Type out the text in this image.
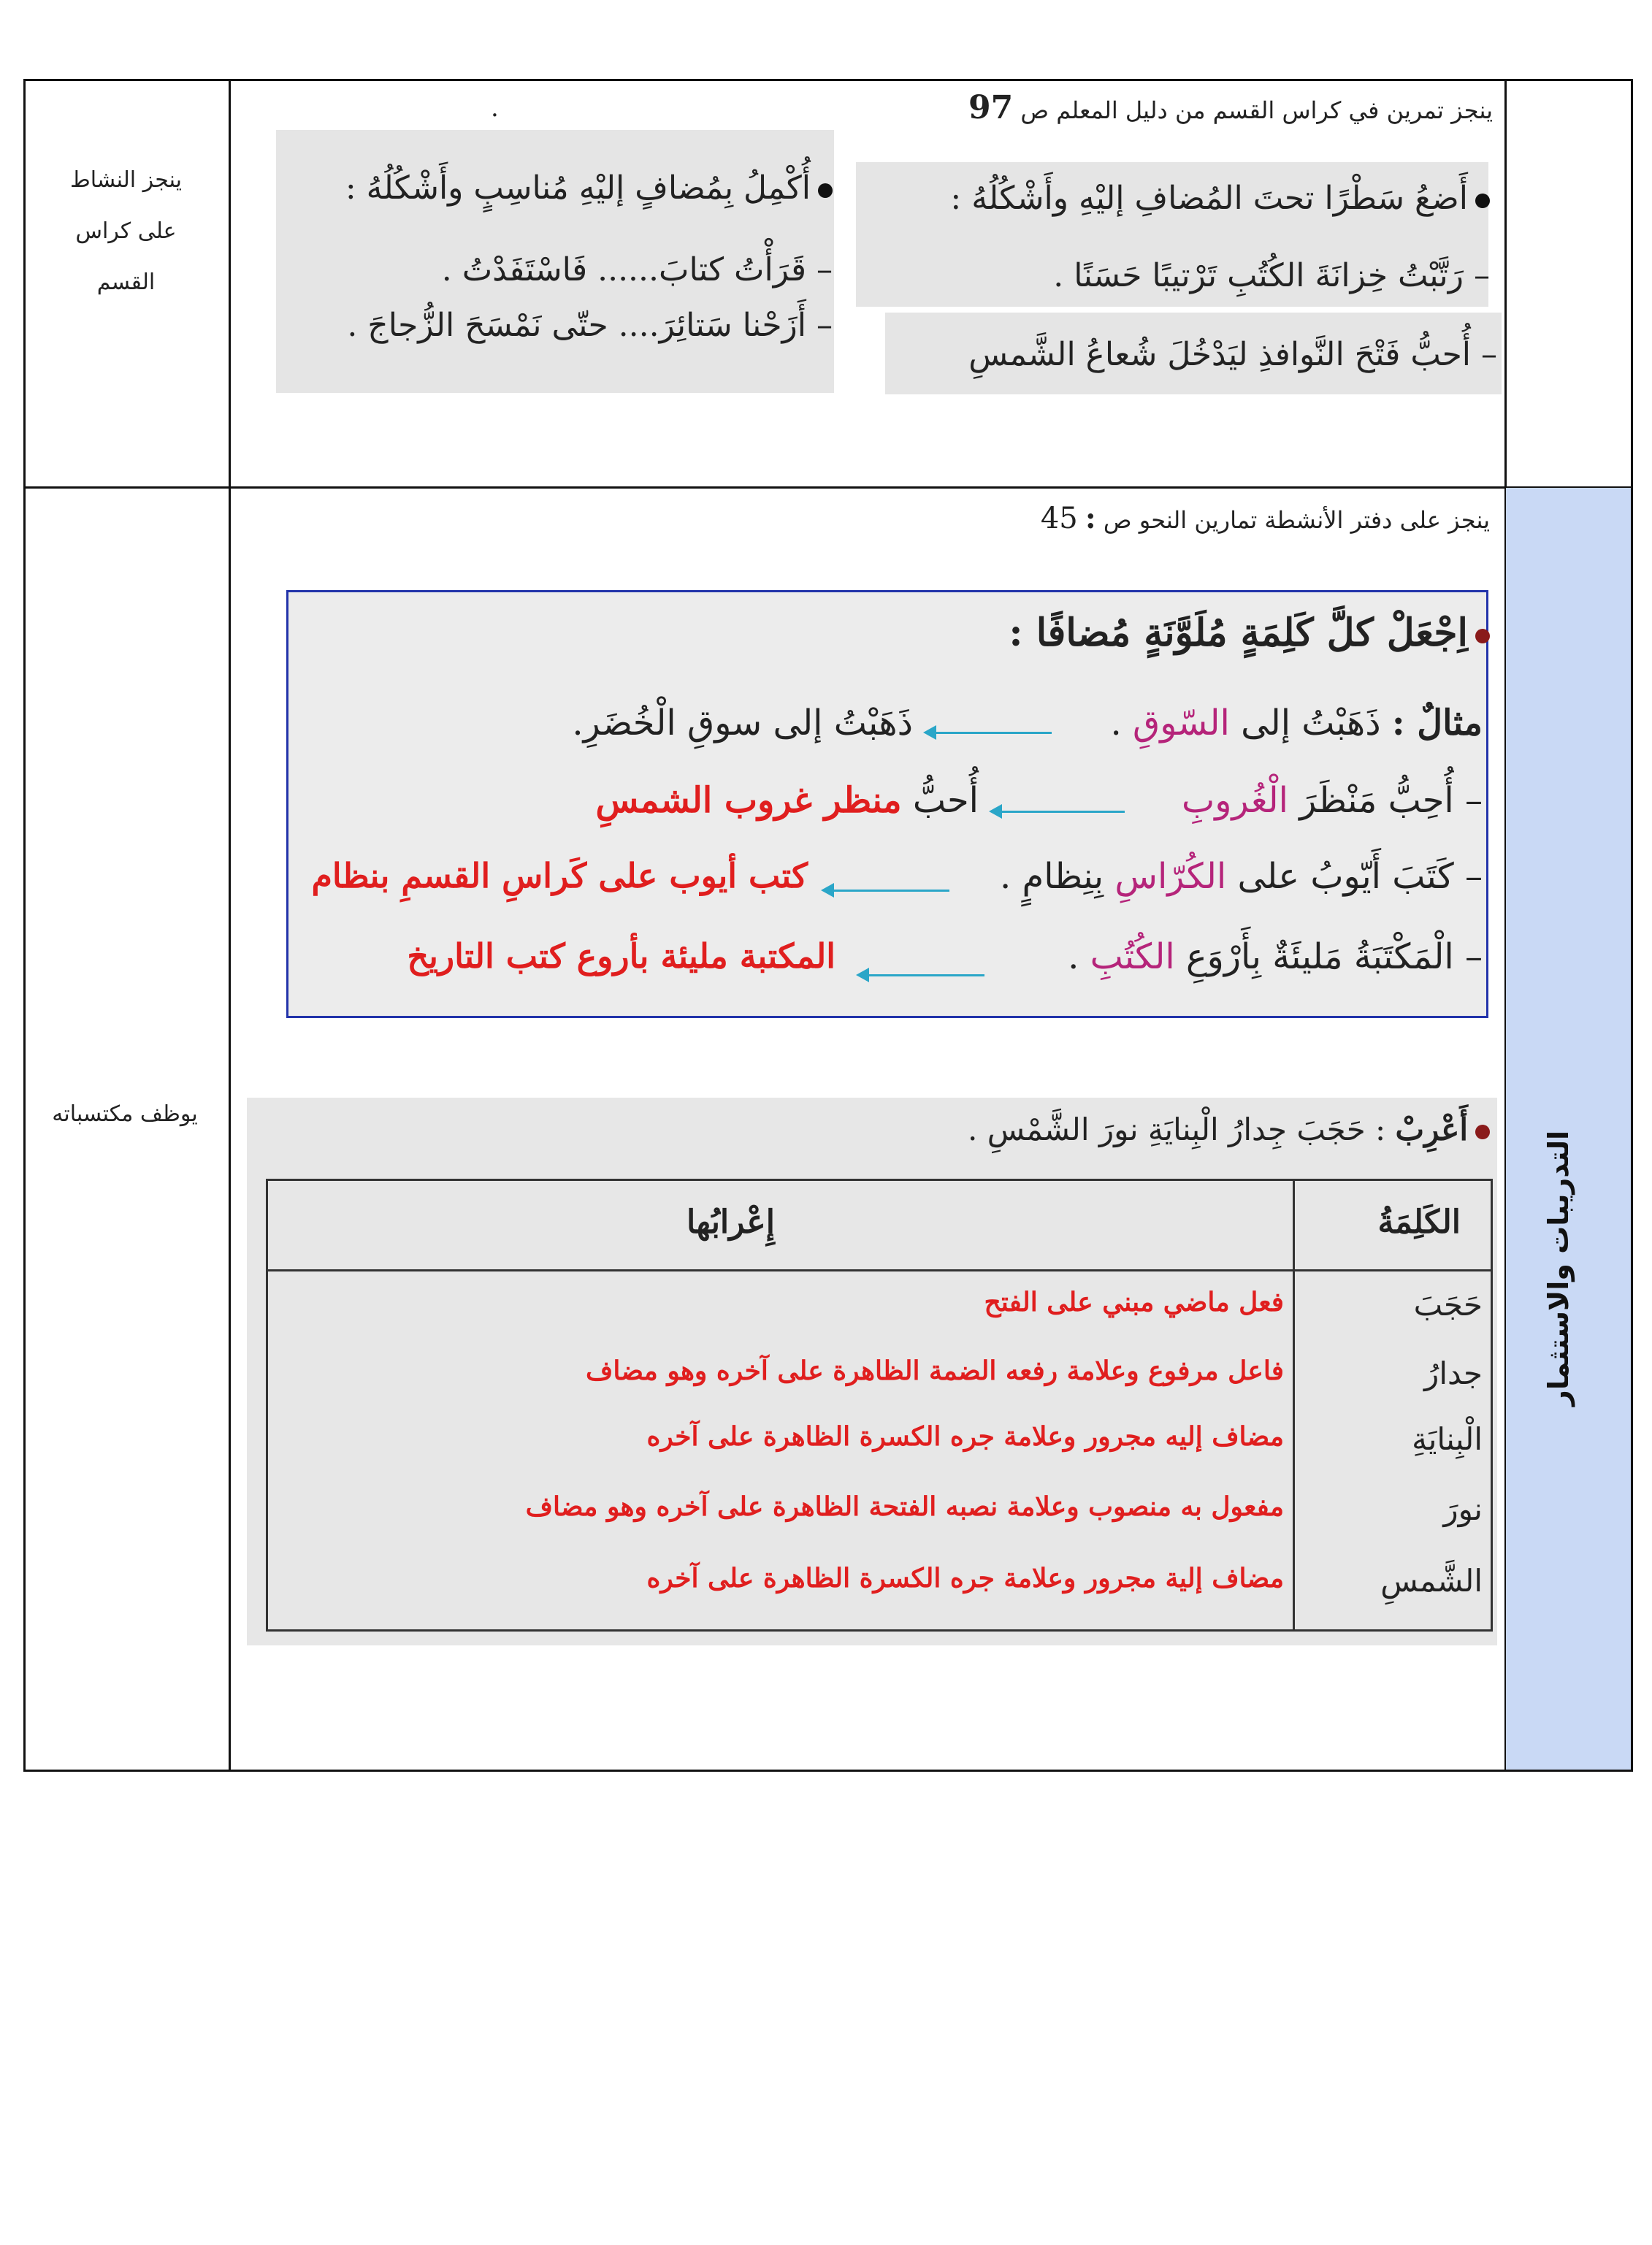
التدريبات والاستثمار
ينجز النشاط
على كراس
القسم
ينجز تمرين في كراس القسم من دليل المعلم ص 97
.
أَضعُ سَطْرًا تحتَ المُضافِ إليْهِ وأَشْكُلُهُ :
– رَتَّبْتُ خِزانَةَ الكُتُبِ تَرْتيبًا حَسَنًا .
– أُحبُّ فَتْحَ النَّوافذِ ليَدْخُلَ شُعاعُ الشَّمسِ
أُكْمِلُ بِمُضافٍ إليْهِ مُناسِبٍ وأَشْكُلُهُ :
– قَرَأْتُ كتابَ...... فَاسْتَفَدْتُ .
– أَزَحْنا سَتائِرَ.... حتّى نَمْسَحَ الزُّجاجَ .
ينجز على دفتر الأنشطة تمارين النحو ص : 45
يوظف مكتسباته
اِجْعَلْ كلَّ كَلِمَةٍ مُلَوَّنَةٍ مُضافًا :
مثالٌ : ذَهَبْتُ إلى السّوقِ .
ذَهَبْتُ إلى سوقِ الْخُضَرِ.
– أُحِبُّ مَنْظَرَ الْغُروبِ
أُحبُّ منظر غروب الشمسِ
– كَتَبَ أَيّوبُ على الكُرّاسِ بِنِظامٍ .
كتب أيوب على كَراسِ القسمِ بنظام
– الْمَكْتَبَةُ مَليئَةٌ بِأَرْوَعِ الكُتُبِ .
المكتبة مليئة بأروع كتب التاريخ
أَعْرِبْ : حَجَبَ جِدارُ الْبِنايَةِ نورَ الشَّمْسِ .
الكَلِمَةُ
إِعْرابُها
حَجَبَ
فعل ماضي مبني على الفتح
جدارُ
فاعل مرفوع وعلامة رفعه الضمة الظاهرة على آخره وهو مضاف
الْبِنايَةِ
مضاف إليه مجرور وعلامة جره الكسرة الظاهرة على آخره
نورَ
مفعول به منصوب وعلامة نصبه الفتحة الظاهرة على آخره وهو مضاف
الشَّمسِ
مضاف إلية مجرور وعلامة جره الكسرة الظاهرة على آخره
